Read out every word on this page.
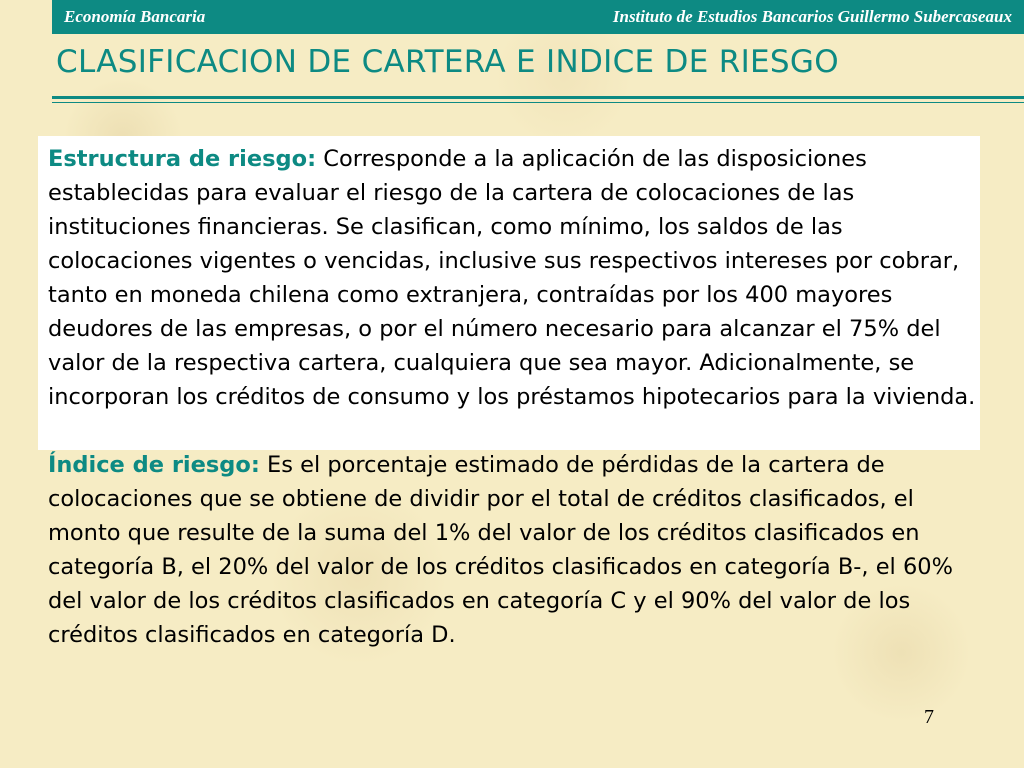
Economía Bancaria	Instituto de Estudios Bancarios Guillermo Subercaseaux
CLASIFICACION DE CARTERA E INDICE DE RIESGO

Estructura de riesgo: Corresponde a la aplicación de las disposiciones establecidas para evaluar el riesgo de la cartera de colocaciones de las instituciones financieras. Se clasifican, como mínimo, los saldos de las colocaciones vigentes o vencidas, inclusive sus respectivos intereses por cobrar, tanto en moneda chilena como extranjera, contraídas por los 400 mayores deudores de las empresas, o por el número necesario para alcanzar el 75% del valor de la respectiva cartera, cualquiera que sea mayor. Adicionalmente, se incorporan los créditos de consumo y los préstamos hipotecarios para la vivienda.

Índice de riesgo: Es el porcentaje estimado de pérdidas de la cartera de colocaciones que se obtiene de dividir por el total de créditos clasificados, el monto que resulte de la suma del 1% del valor de los créditos clasificados en categoría B, el 20% del valor de los créditos clasificados en categoría B-, el 60% del valor de los créditos clasificados en categoría C y el 90% del valor de los créditos clasificados en categoría D.

7
